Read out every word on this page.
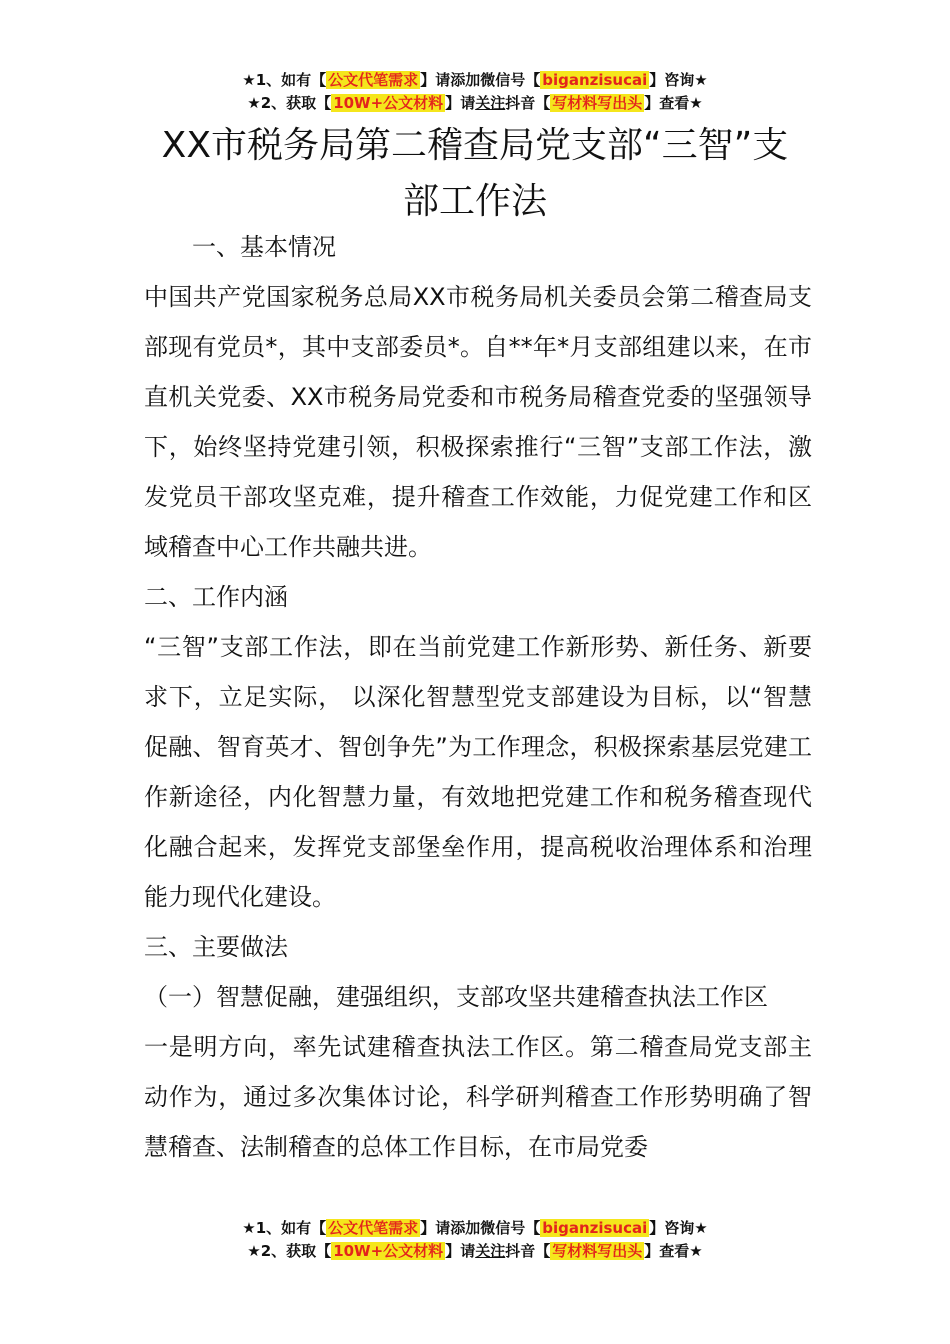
★1、如有【 公文代笔需求 】请添加微信号【 biganzisucai 】咨询★
★2、获取【 10W+公文材料 】请关注抖音【 写材料写出头 】查看★
XX市税务局第二稽查局党支部“三智”支
部工作法

一、基本情况

中国共产党国家税务总局XX市税务局机关委员会第二稽查局支部现有党员*，其中支部委员*。自**年*月支部组建以来，在市直机关党委、XX市税务局党委和市税务局稽查党委的坚强领导下，始终坚持党建引领，积极探索推行“三智”支部工作法，激发党员干部攻坚克难，提升稽查工作效能，力促党建工作和区域稽查中心工作共融共进。

二、工作内涵

“三智”支部工作法，即在当前党建工作新形势、新任务、新要求下，立足实际， 以深化智慧型党支部建设为目标，以“智慧促融、智育英才、智创争先”为工作理念，积极探索基层党建工作新途径，内化智慧力量，有效地把党建工作和税务稽查现代化融合起来，发挥党支部堡垒作用，提高税收治理体系和治理能力现代化建设。

三、主要做法

（一）智慧促融，建强组织，支部攻坚共建稽查执法工作区

一是明方向，率先试建稽查执法工作区。第二稽查局党支部主动作为，通过多次集体讨论，科学研判稽查工作形势明确了智慧稽查、法制稽查的总体工作目标，在市局党委

★1、如有【 公文代笔需求 】请添加微信号【 biganzisucai 】咨询★
★2、获取【 10W+公文材料 】请关注抖音【 写材料写出头 】查看★
